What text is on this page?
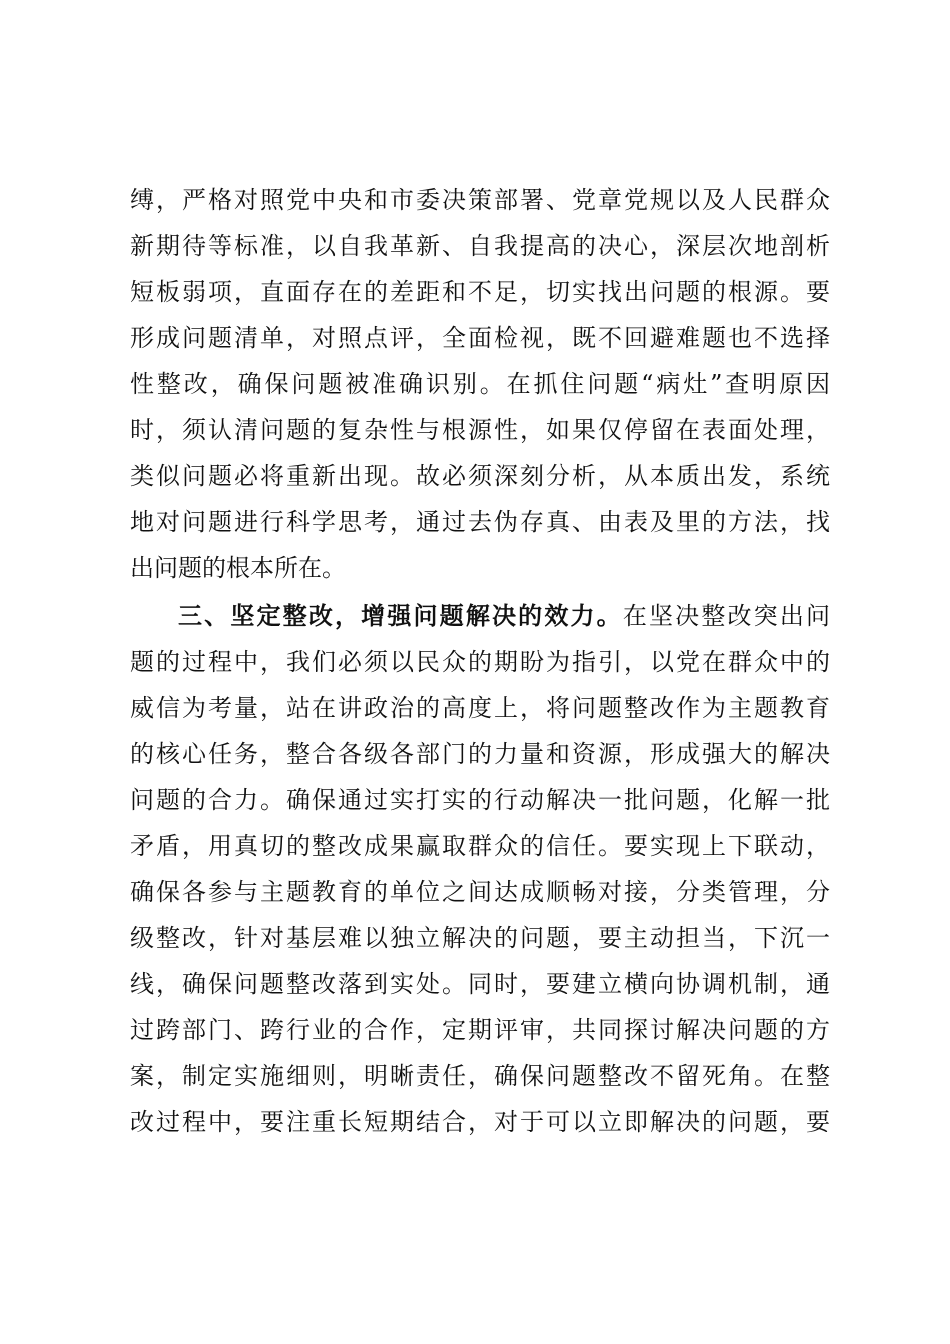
缚，严格对照党中央和市委决策部署、党章党规以及人民群众
新期待等标准，以自我革新、自我提高的决心，深层次地剖析
短板弱项，直面存在的差距和不足，切实找出问题的根源。要
形成问题清单，对照点评，全面检视，既不回避难题也不选择
性整改，确保问题被准确识别。在抓住问题“病灶”查明原因
时，须认清问题的复杂性与根源性，如果仅停留在表面处理，
类似问题必将重新出现。故必须深刻分析，从本质出发，系统
地对问题进行科学思考，通过去伪存真、由表及里的方法，找
出问题的根本所在。
三、坚定整改，增强问题解决的效力。在坚决整改突出问
题的过程中，我们必须以民众的期盼为指引，以党在群众中的
威信为考量，站在讲政治的高度上，将问题整改作为主题教育
的核心任务，整合各级各部门的力量和资源，形成强大的解决
问题的合力。确保通过实打实的行动解决一批问题，化解一批
矛盾，用真切的整改成果赢取群众的信任。要实现上下联动，
确保各参与主题教育的单位之间达成顺畅对接，分类管理，分
级整改，针对基层难以独立解决的问题，要主动担当，下沉一
线，确保问题整改落到实处。同时，要建立横向协调机制，通
过跨部门、跨行业的合作，定期评审，共同探讨解决问题的方
案，制定实施细则，明晰责任，确保问题整改不留死角。在整
改过程中，要注重长短期结合，对于可以立即解决的问题，要
